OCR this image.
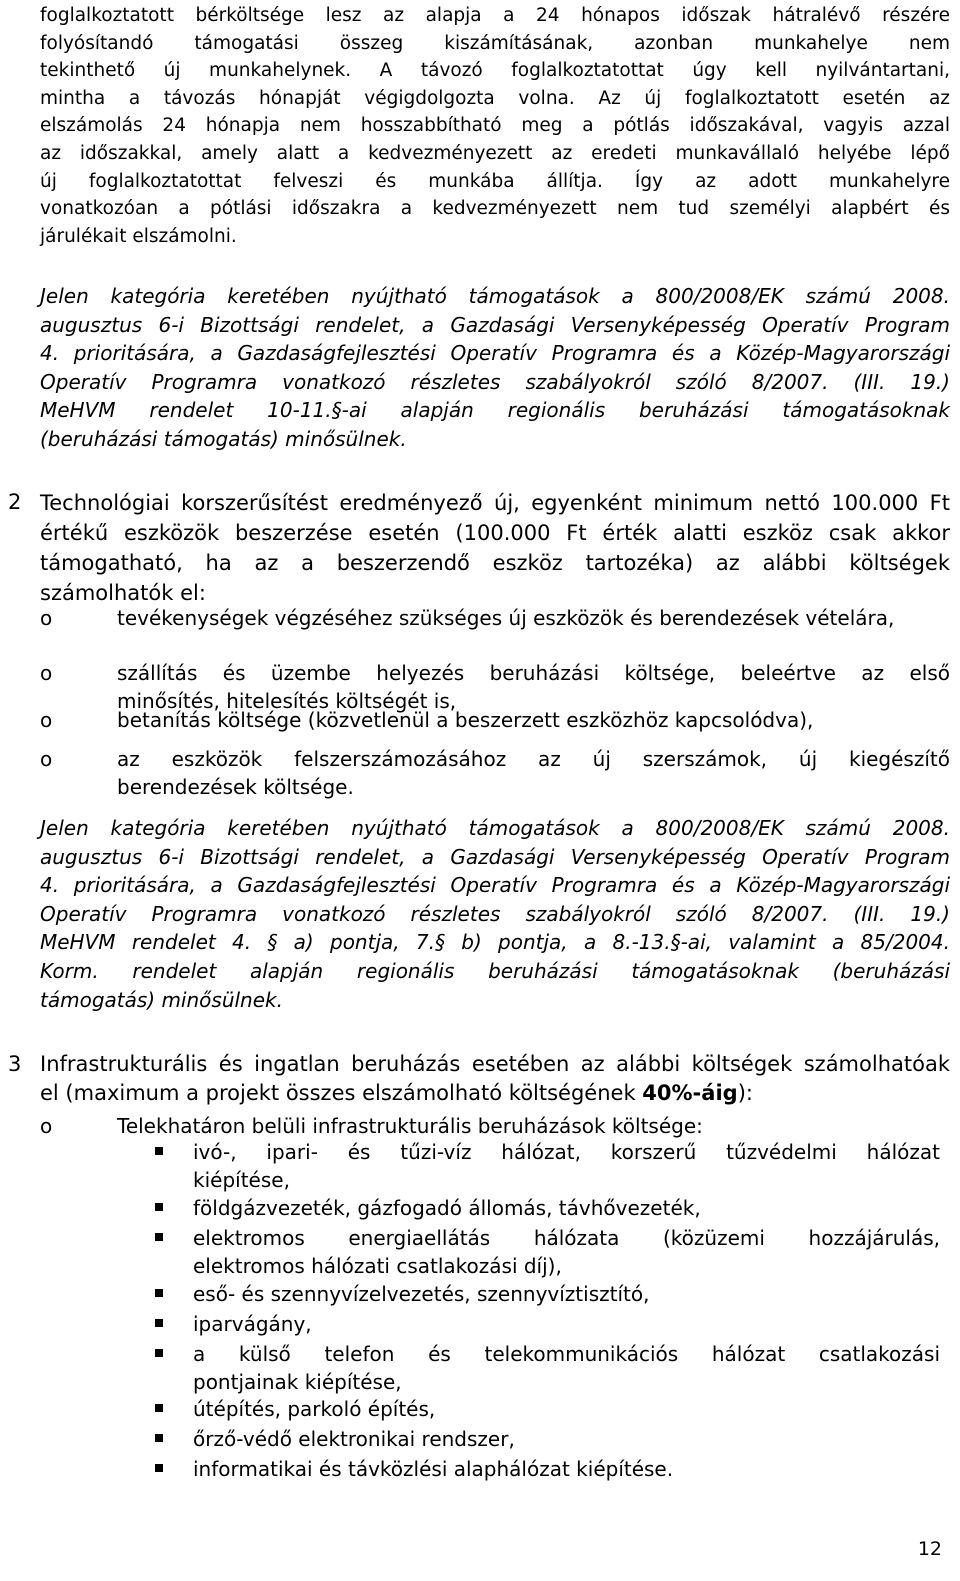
foglalkoztatott bérköltsége lesz az alapja a 24 hónapos időszak hátralévő részére
folyósítandó támogatási összeg kiszámításának, azonban munkahelye nem
tekinthető új munkahelynek. A távozó foglalkoztatottat úgy kell nyilvántartani,
mintha a távozás hónapját végigdolgozta volna. Az új foglalkoztatott esetén az
elszámolás 24 hónapja nem hosszabbítható meg a pótlás időszakával, vagyis azzal
az időszakkal, amely alatt a kedvezményezett az eredeti munkavállaló helyébe lépő
új foglalkoztatottat felveszi és munkába állítja. Így az adott munkahelyre
vonatkozóan a pótlási időszakra a kedvezményezett nem tud személyi alapbért és
járulékait elszámolni.
Jelen kategória keretében nyújtható támogatások a 800/2008/EK számú 2008.
augusztus 6-i Bizottsági rendelet, a Gazdasági Versenyképesség Operatív Program
4. prioritására, a Gazdaságfejlesztési Operatív Programra és a Közép-Magyarországi
Operatív Programra vonatkozó részletes szabályokról szóló 8/2007. (III. 19.)
MeHVM rendelet 10-11.§-ai alapján regionális beruházási támogatásoknak
(beruházási támogatás) minősülnek.
2 Technológiai korszerűsítést eredményező új, egyenként minimum nettó 100.000 Ft
értékű eszközök beszerzése esetén (100.000 Ft érték alatti eszköz csak akkor
támogatható, ha az a beszerzendő eszköz tartozéka) az alábbi költségek
számolhatók el:
o	tevékenységek végzéséhez szükséges új eszközök és berendezések vételára,
o	szállítás és üzembe helyezés beruházási költsége, beleértve az első
minősítés, hitelesítés költségét is,
o	betanítás költsége (közvetlenül a beszerzett eszközhöz kapcsolódva),
o	az eszközök felszerszámozásához az új szerszámok, új kiegészítő
berendezések költsége.
Jelen kategória keretében nyújtható támogatások a 800/2008/EK számú 2008.
augusztus 6-i Bizottsági rendelet, a Gazdasági Versenyképesség Operatív Program
4. prioritására, a Gazdaságfejlesztési Operatív Programra és a Közép-Magyarországi
Operatív Programra vonatkozó részletes szabályokról szóló 8/2007. (III. 19.)
MeHVM rendelet 4. § a) pontja, 7.§ b) pontja, a 8.-13.§-ai, valamint a 85/2004.
Korm. rendelet alapján regionális beruházási támogatásoknak (beruházási
támogatás) minősülnek.
3 Infrastrukturális és ingatlan beruházás esetében az alábbi költségek számolhatóak
el (maximum a projekt összes elszámolható költségének 40%-áig):
o	Telekhatáron belüli infrastrukturális beruházások költsége:
ivó-, ipari- és tűzi-víz hálózat, korszerű tűzvédelmi hálózat
kiépítése,
földgázvezeték, gázfogadó állomás, távhővezeték,
elektromos energiaellátás hálózata (közüzemi hozzájárulás,
elektromos hálózati csatlakozási díj),
eső- és szennyvízelvezetés, szennyvíztisztító,
iparvágány,
a külső telefon és telekommunikációs hálózat csatlakozási
pontjainak kiépítése,
útépítés, parkoló építés,
őrző-védő elektronikai rendszer,
informatikai és távközlési alaphálózat kiépítése.
12
